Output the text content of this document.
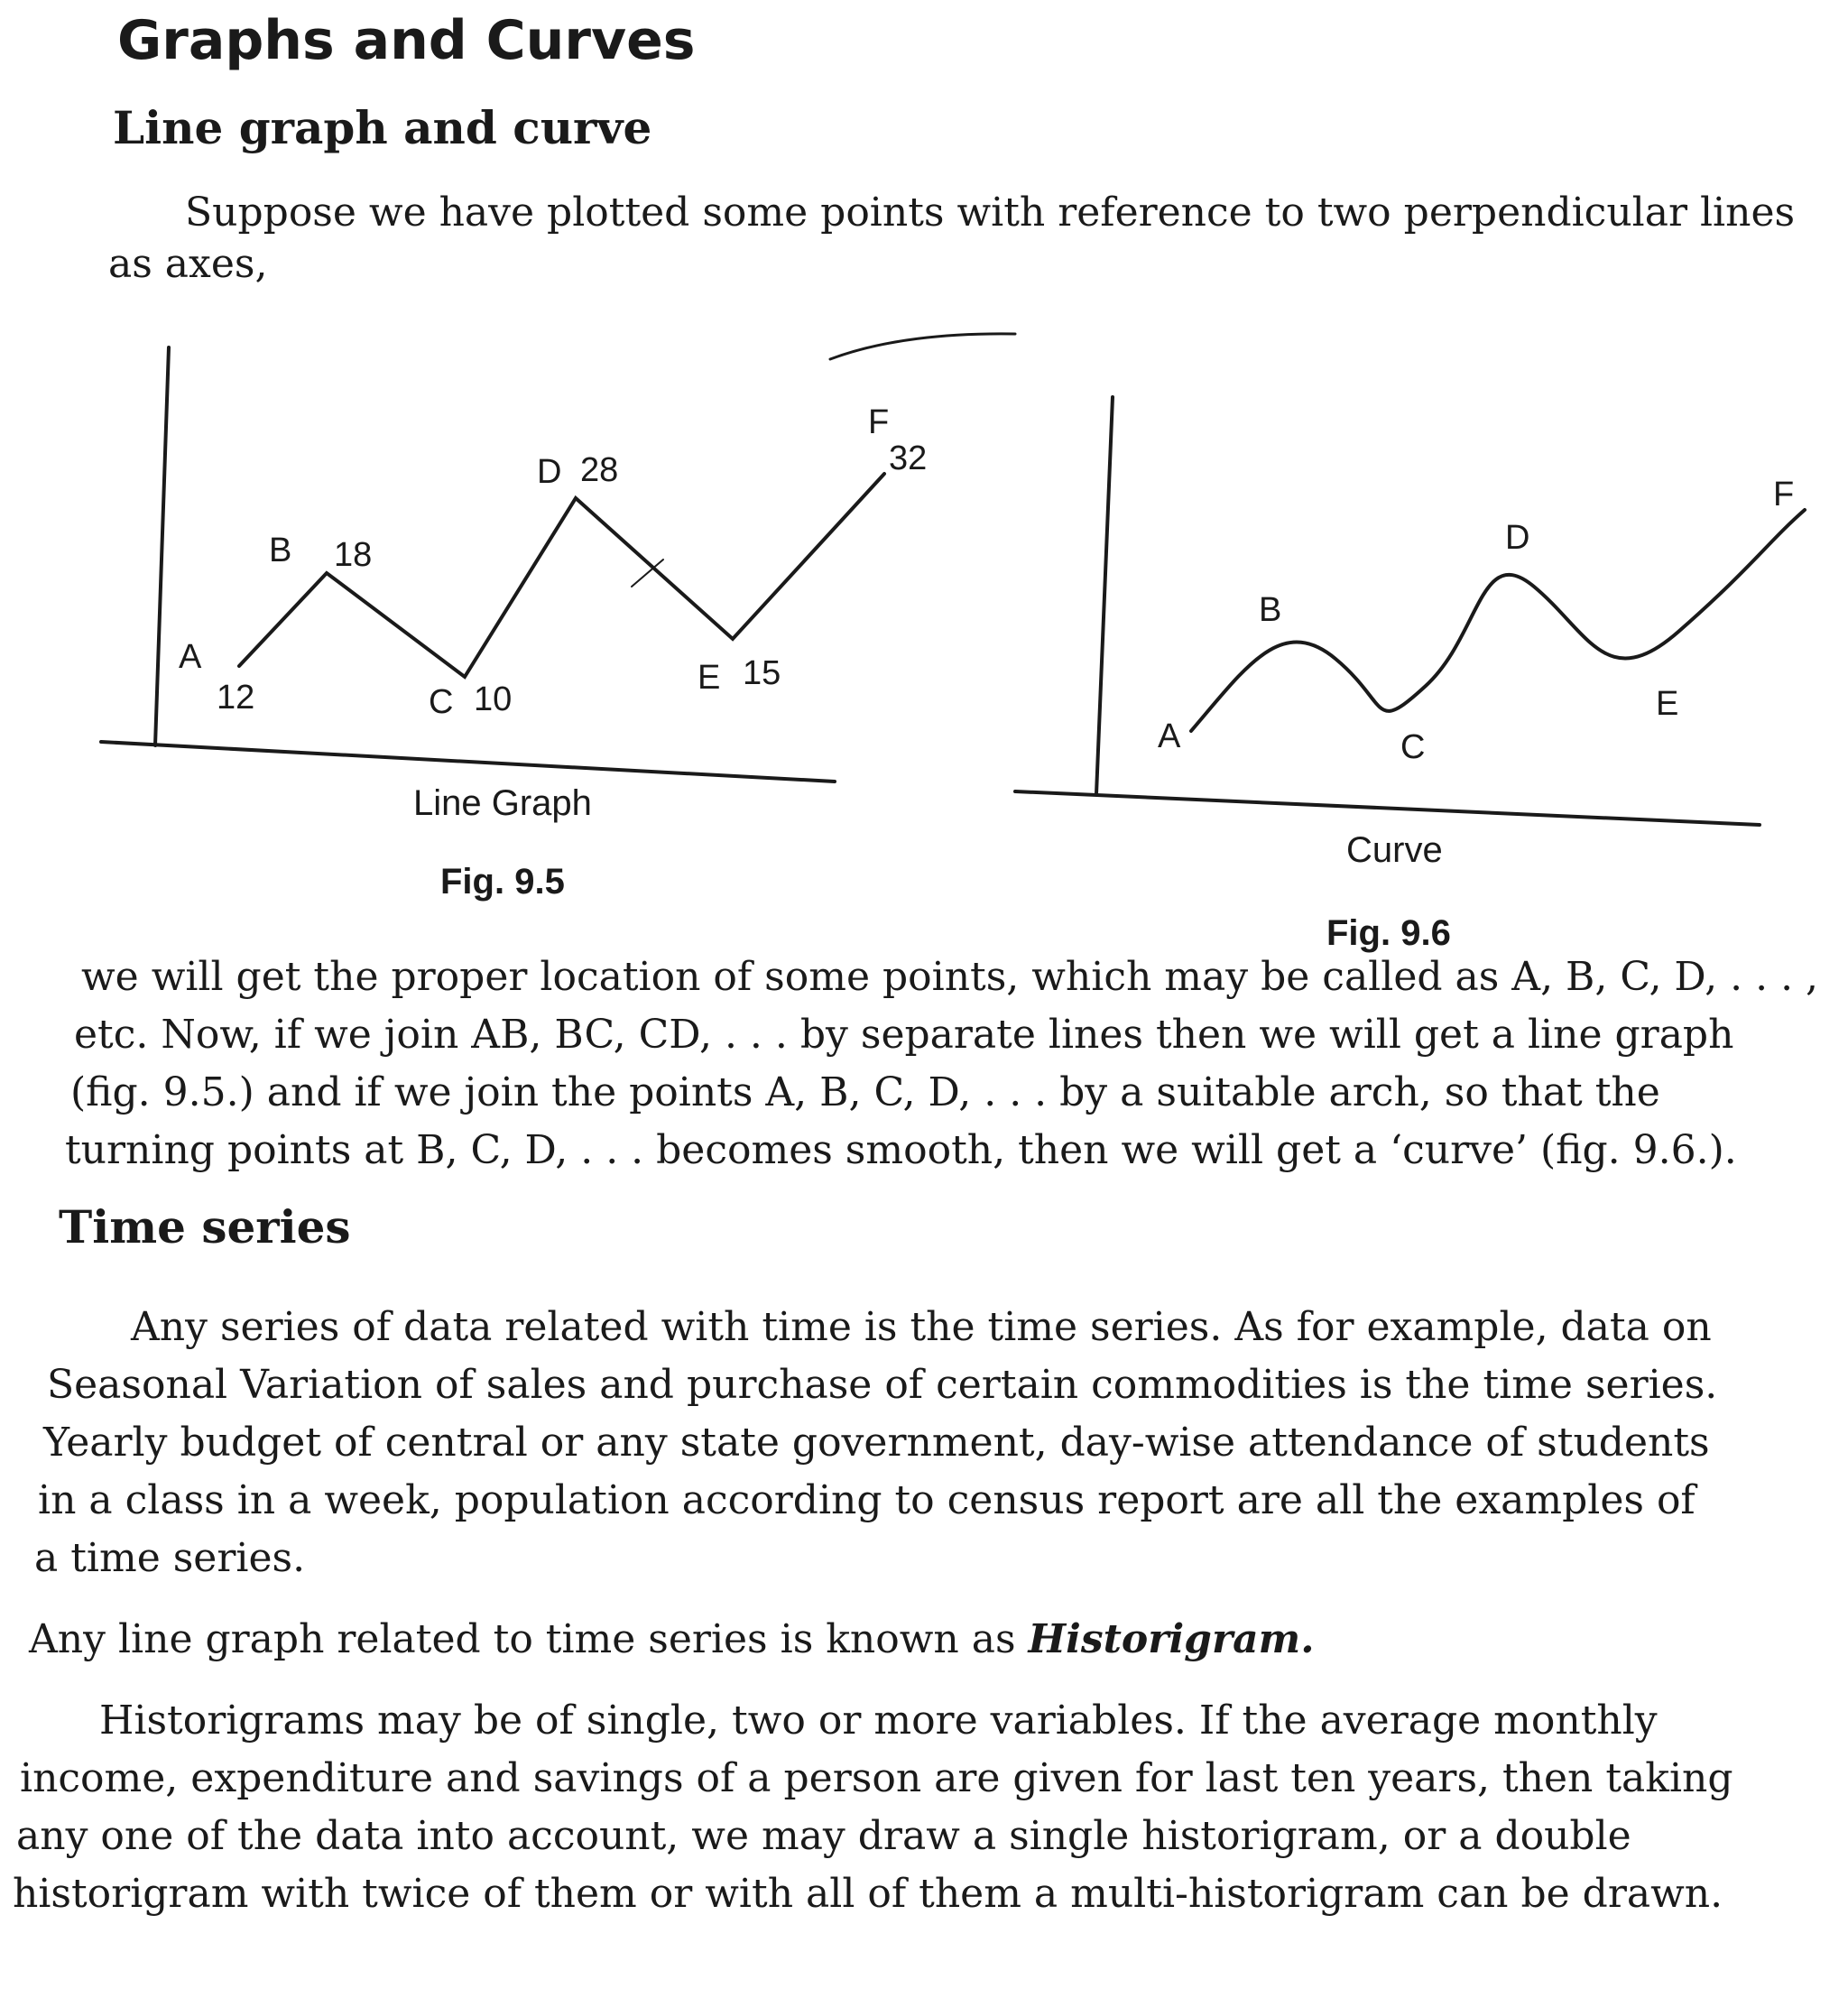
Graphs and Curves
Line graph and curve
Suppose we have plotted some points with reference to two perpendicular lines
as axes,
A
12
B 18
C 10
D 28
E 15
F
32
A
B
C
D
E
F
Line Graph
Fig. 9.5
Curve
Fig. 9.6
we will get the proper location of some points, which may be called as A, B, C, D, . . . ,
etc. Now, if we join AB, BC, CD, . . . by separate lines then we will get a line graph
(fig. 9.5.) and if we join the points A, B, C, D, . . . by a suitable arch, so that the
turning points at B, C, D, . . . becomes smooth, then we will get a ‘curve’ (fig. 9.6.).
Time series
Any series of data related with time is the time series. As for example, data on
Seasonal Variation of sales and purchase of certain commodities is the time series.
Yearly budget of central or any state government, day-wise attendance of students
in a class in a week, population according to census report are all the examples of
a time series.
Any line graph related to time series is known as Historigram.
Historigrams may be of single, two or more variables. If the average monthly
income, expenditure and savings of a person are given for last ten years, then taking
any one of the data into account, we may draw a single historigram, or a double
historigram with twice of them or with all of them a multi-historigram can be drawn.
